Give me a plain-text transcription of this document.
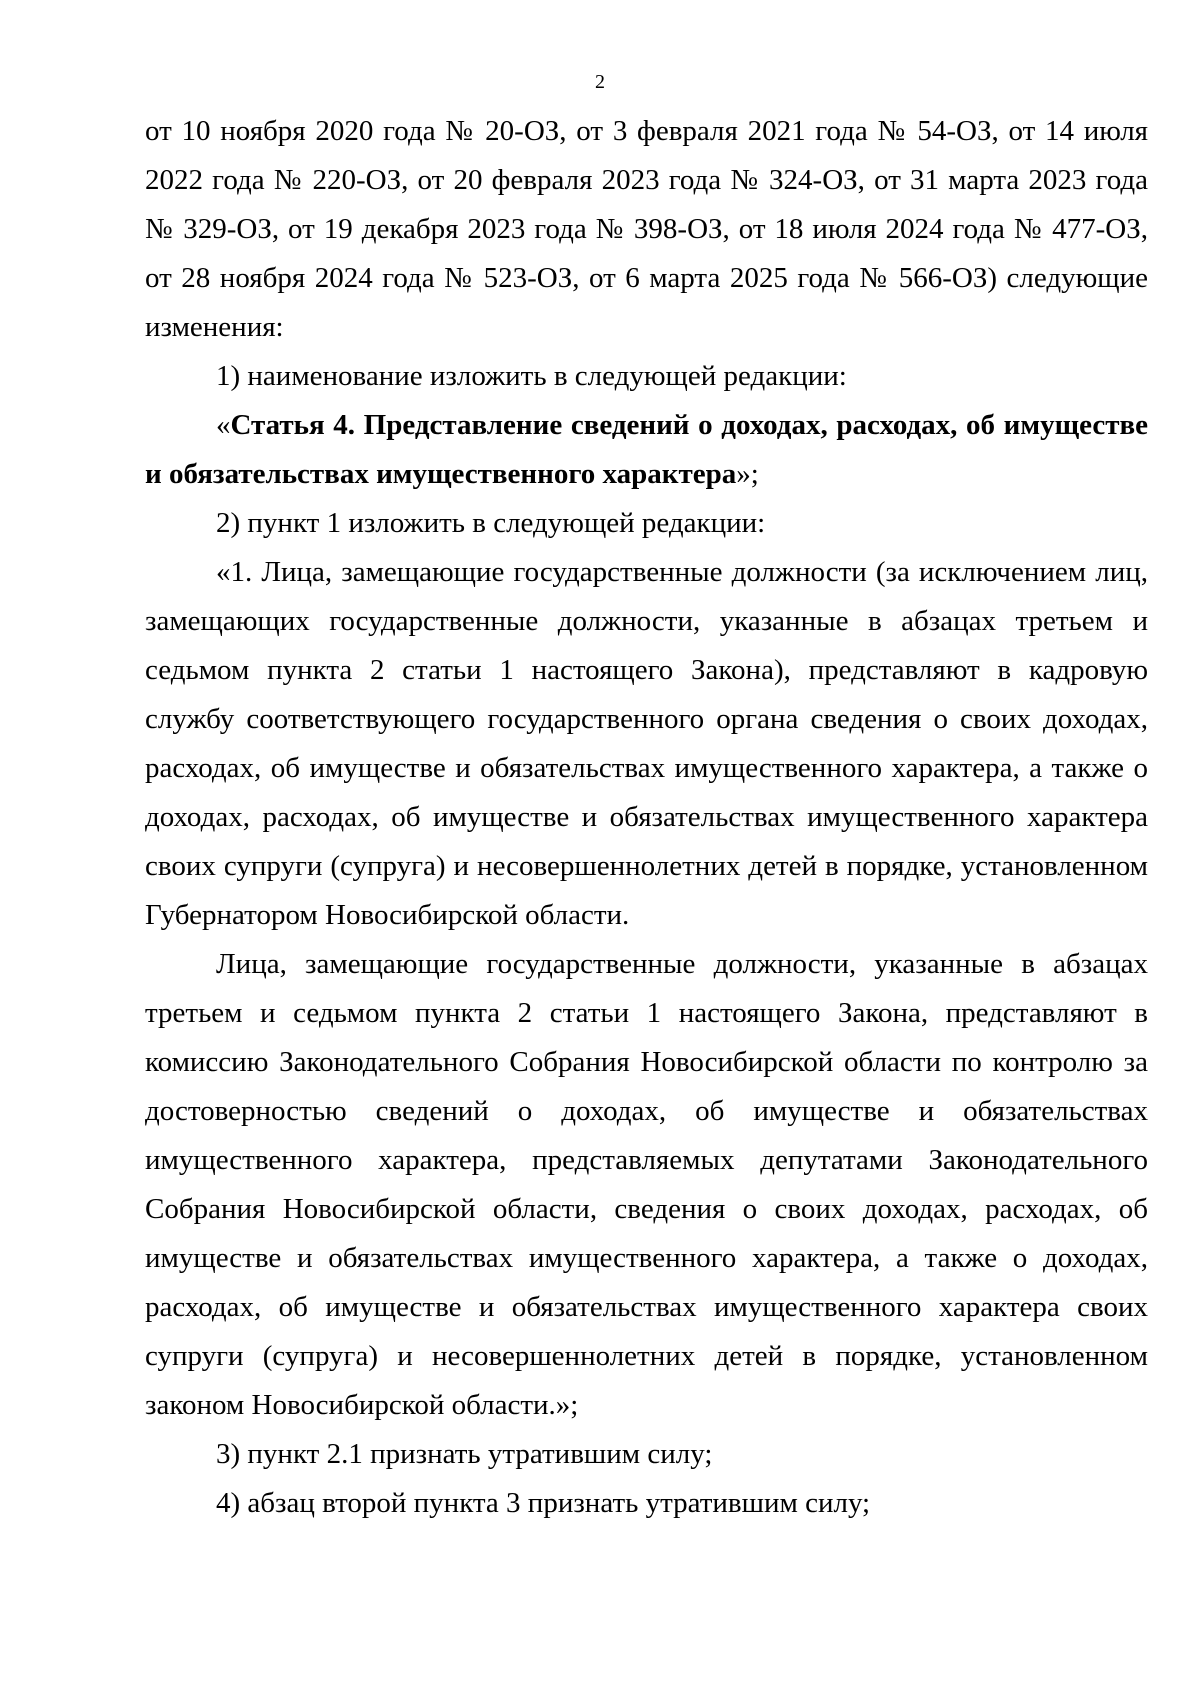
2

от 10 ноября 2020 года № 20-ОЗ, от 3 февраля 2021 года № 54-ОЗ, от 14 июля 2022 года № 220-ОЗ, от 20 февраля 2023 года № 324-ОЗ, от 31 марта 2023 года № 329-ОЗ, от 19 декабря 2023 года № 398-ОЗ, от 18 июля 2024 года № 477-ОЗ, от 28 ноября 2024 года № 523-ОЗ, от 6 марта 2025 года № 566-ОЗ) следующие изменения:

1) наименование изложить в следующей редакции:

«Статья 4. Представление сведений о доходах, расходах, об имуществе и обязательствах имущественного характера»;

2) пункт 1 изложить в следующей редакции:

«1. Лица, замещающие государственные должности (за исключением лиц, замещающих государственные должности, указанные в абзацах третьем и седьмом пункта 2 статьи 1 настоящего Закона), представляют в кадровую службу соответствующего государственного органа сведения о своих доходах, расходах, об имуществе и обязательствах имущественного характера, а также о доходах, расходах, об имуществе и обязательствах имущественного характера своих супруги (супруга) и несовершеннолетних детей в порядке, установленном Губернатором Новосибирской области.

Лица, замещающие государственные должности, указанные в абзацах третьем и седьмом пункта 2 статьи 1 настоящего Закона, представляют в комиссию Законодательного Собрания Новосибирской области по контролю за достоверностью сведений о доходах, об имуществе и обязательствах имущественного характера, представляемых депутатами Законодательного Собрания Новосибирской области, сведения о своих доходах, расходах, об имуществе и обязательствах имущественного характера, а также о доходах, расходах, об имуществе и обязательствах имущественного характера своих супруги (супруга) и несовершеннолетних детей в порядке, установленном законом Новосибирской области.»;

3) пункт 2.1 признать утратившим силу;

4) абзац второй пункта 3 признать утратившим силу;
